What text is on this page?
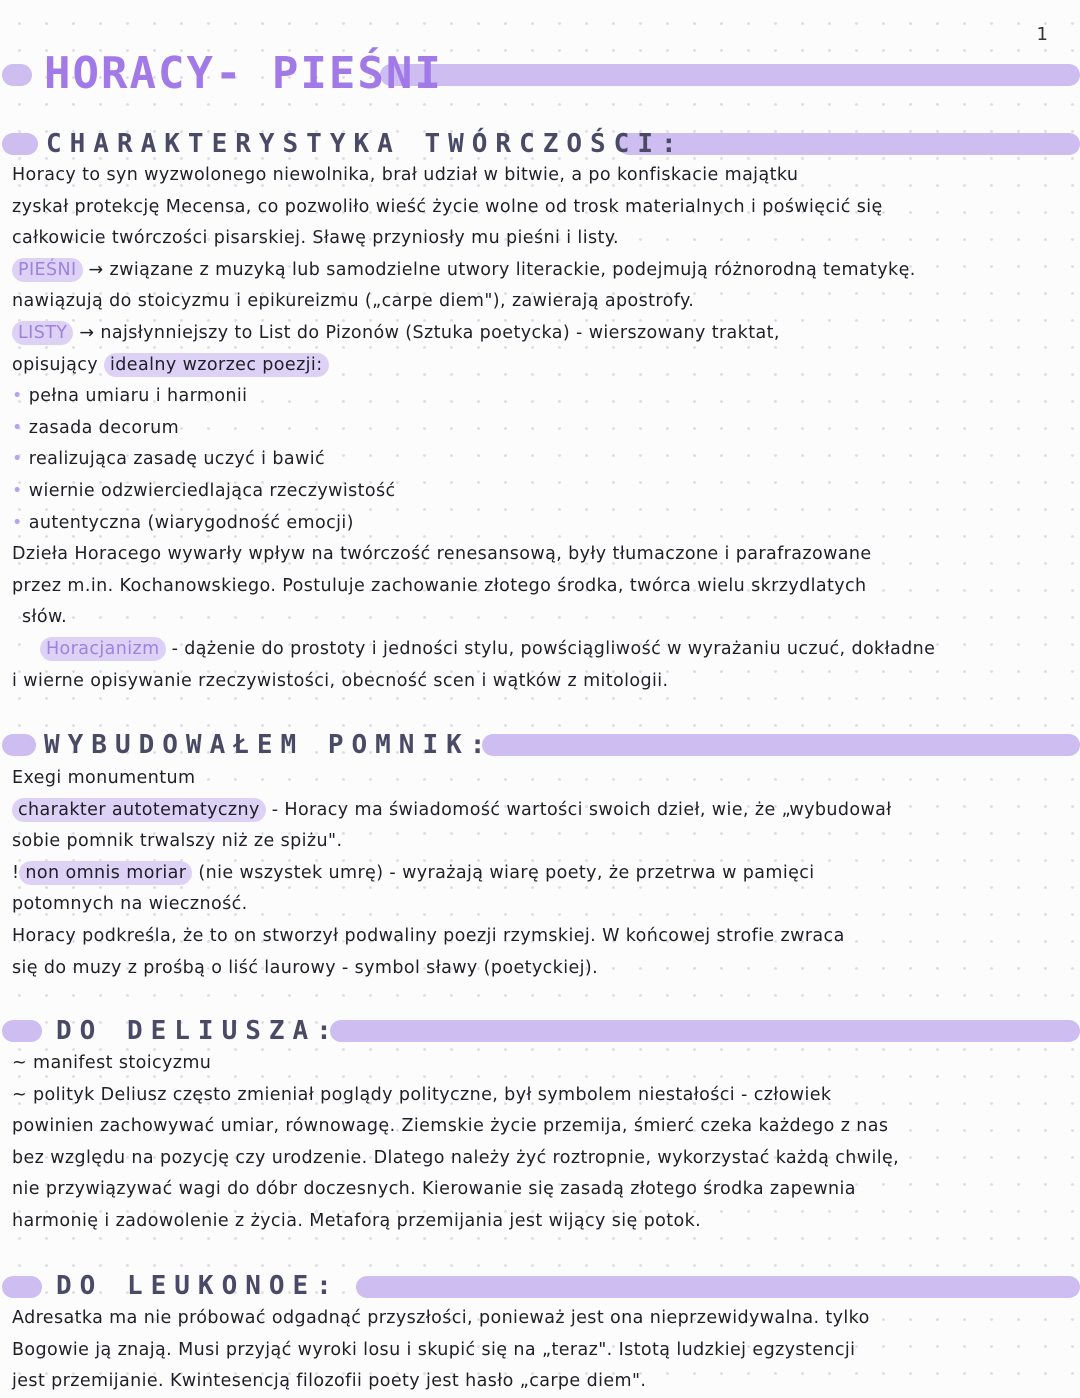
1
HORACY- PIEŚNI
CHARAKTERYSTYKA TWÓRCZOŚCI:
Horacy to syn wyzwolonego niewolnika, brał udział w bitwie, a po konfiskacie majątku
zyskał protekcję Mecensa, co pozwoliło wieść życie wolne od trosk materialnych i poświęcić się
całkowicie twórczości pisarskiej. Sławę przyniosły mu pieśni i listy.
PIEŚNI → związane z muzyką lub samodzielne utwory literackie, podejmują różnorodną tematykę.
nawiązują do stoicyzmu i epikureizmu („carpe diem"), zawierają apostrofy.
LISTY → najsłynniejszy to List do Pizonów (Sztuka poetycka) - wierszowany traktat,
opisujący idealny wzorzec poezji:
• pełna umiaru i harmonii
• zasada decorum
• realizująca zasadę uczyć i bawić
• wiernie odzwierciedlająca rzeczywistość
• autentyczna (wiarygodność emocji)
Dzieła Horacego wywarły wpływ na twórczość renesansową, były tłumaczone i parafrazowane
przez m.in. Kochanowskiego. Postuluje zachowanie złotego środka, twórca wielu skrzydlatych
słów.
Horacjanizm - dążenie do prostoty i jedności stylu, powściągliwość w wyrażaniu uczuć, dokładne
i wierne opisywanie rzeczywistości, obecność scen i wątków z mitologii.
WYBUDOWAŁEM POMNIK:
Exegi monumentum
charakter autotematyczny - Horacy ma świadomość wartości swoich dzieł, wie, że „wybudował
sobie pomnik trwalszy niż ze spiżu".
! non omnis moriar (nie wszystek umrę) - wyrażają wiarę poety, że przetrwa w pamięci
potomnych na wieczność.
Horacy podkreśla, że to on stworzył podwaliny poezji rzymskiej. W końcowej strofie zwraca
się do muzy z prośbą o liść laurowy - symbol sławy (poetyckiej).
DO DELIUSZA:
~ manifest stoicyzmu
~ polityk Deliusz często zmieniał poglądy polityczne, był symbolem niestałości - człowiek
powinien zachowywać umiar, równowagę. Ziemskie życie przemija, śmierć czeka każdego z nas
bez względu na pozycję czy urodzenie. Dlatego należy żyć roztropnie, wykorzystać każdą chwilę,
nie przywiązywać wagi do dóbr doczesnych. Kierowanie się zasadą złotego środka zapewnia
harmonię i zadowolenie z życia. Metaforą przemijania jest wijący się potok.
DO LEUKONOE:
Adresatka ma nie próbować odgadnąć przyszłości, ponieważ jest ona nieprzewidywalna. tylko
Bogowie ją znają. Musi przyjąć wyroki losu i skupić się na „teraz". Istotą ludzkiej egzystencji
jest przemijanie. Kwintesencją filozofii poety jest hasło „carpe diem".
